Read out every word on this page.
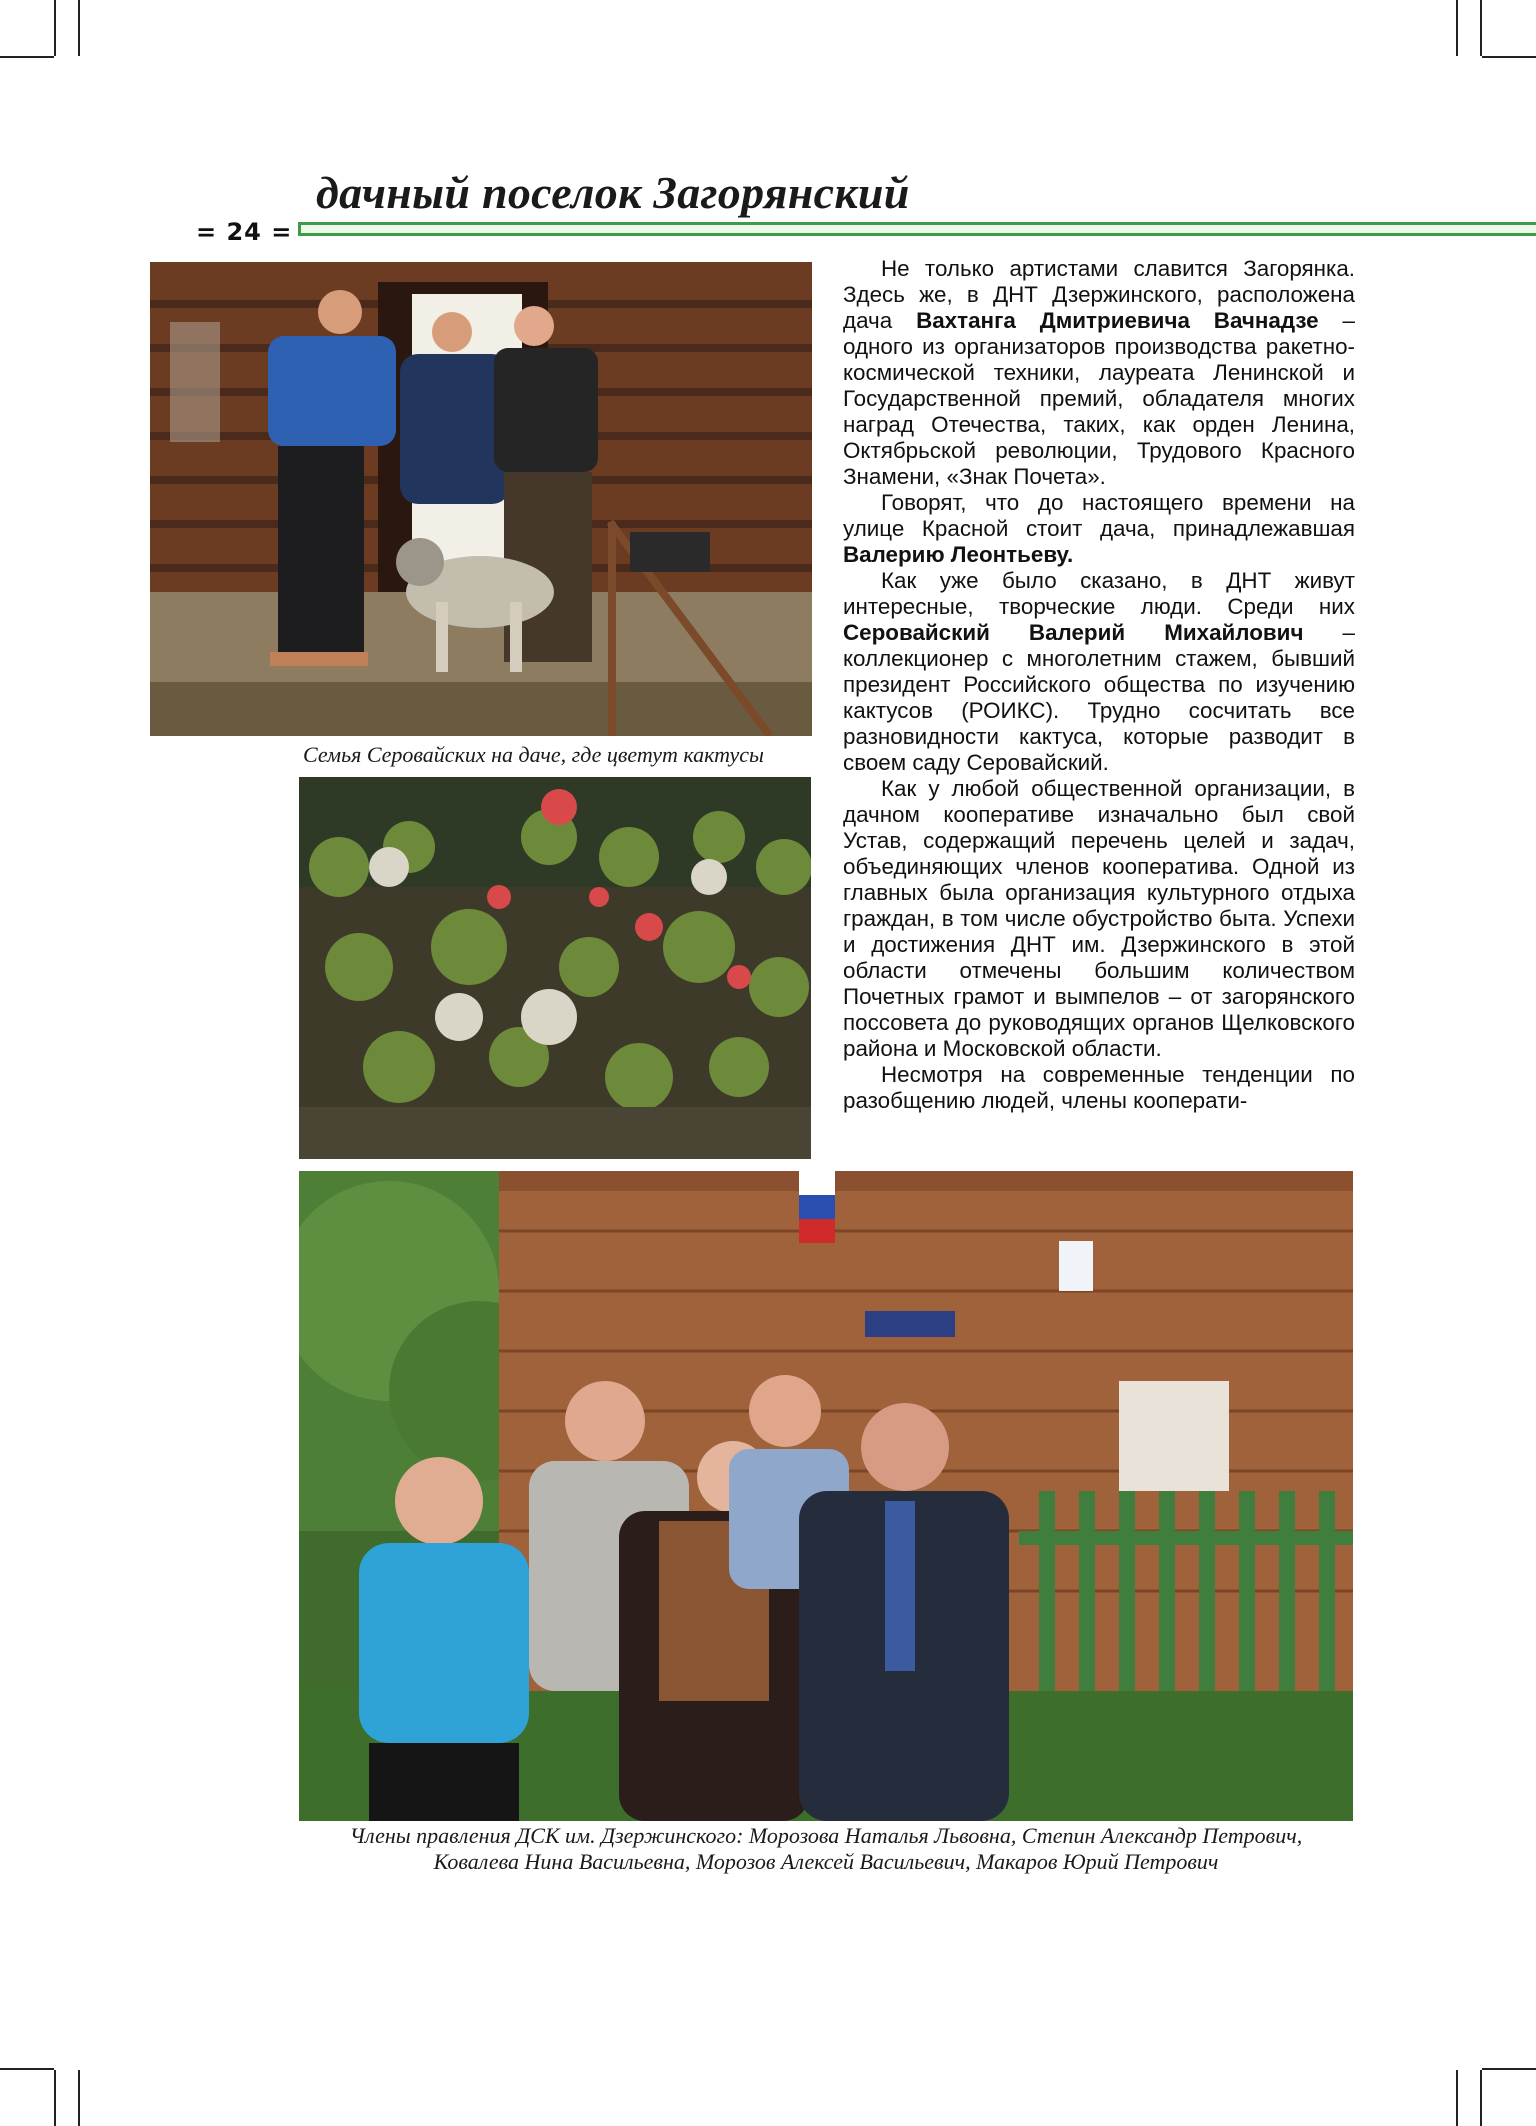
дачный поселок Загорянский
= 24 =
Семья Серовайских на даче, где цветут кактусы

Не только артистами славится Загорянка. Здесь же, в ДНТ Дзержинского, расположена дача Вахтанга Дмитриевича Вачнадзе – одного из организаторов производства ракетно-космической техники, лауреата Ленинской и Государственной премий, обладателя многих наград Отечества, таких, как орден Ленина, Октябрьской революции, Трудового Красного Знамени, «Знак Почета».

Говорят, что до настоящего времени на улице Красной стоит дача, принадлежавшая Валерию Леонтьеву.

Как уже было сказано, в ДНТ живут интересные, творческие люди. Среди них Серовайский Валерий Михайлович – коллекционер с многолетним стажем, бывший президент Российского общества по изучению кактусов (РОИКС). Трудно сосчитать все разновидности кактуса, которые разводит в своем саду Серовайский.

Как у любой общественной организации, в дачном кооперативе изначально был свой Устав, содержащий перечень целей и задач, объединяющих членов кооператива. Одной из главных была организация культурного отдыха граждан, в том числе обустройство быта. Успехи и достижения ДНТ им. Дзержинского в этой области отмечены большим количеством Почетных грамот и вымпелов – от загорянского поссовета до руководящих органов Щелковского района и Московской области.

Несмотря на современные тенденции по разобщению людей, члены кооперати-

Члены правления ДСК им. Дзержинского: Морозова Наталья Львовна, Степин Александр Петрович,
Ковалева Нина Васильевна, Морозов Алексей Васильевич, Макаров Юрий Петрович
